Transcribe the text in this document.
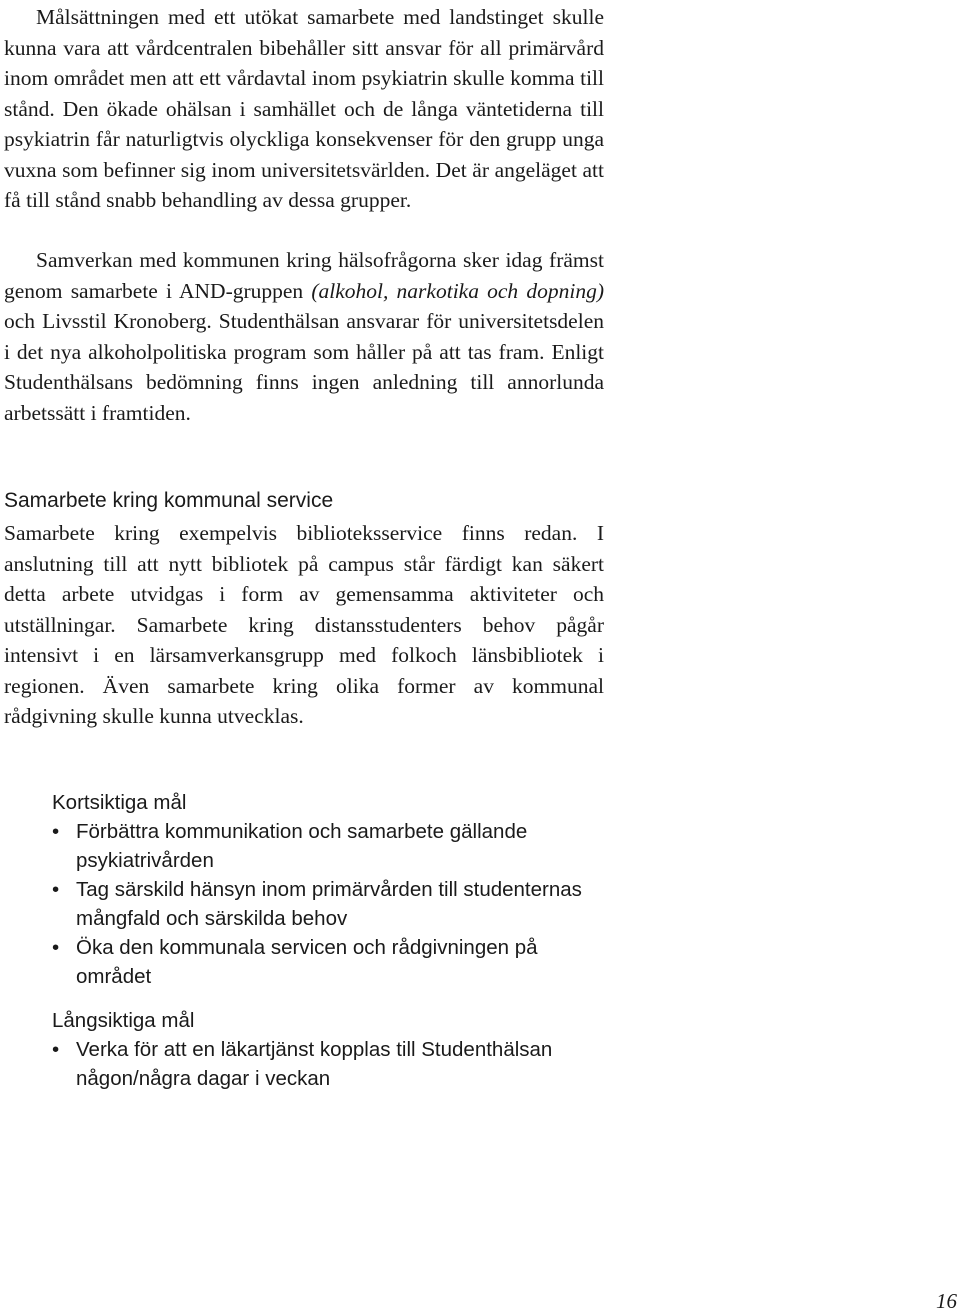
Målsättningen med ett utökat samarbete med landstinget skulle kunna vara att vårdcentralen bibehåller sitt ansvar för all primärvård inom området men att ett vårdavtal inom psykiatrin skulle komma till stånd. Den ökade ohälsan i samhället och de långa väntetiderna till psykiatrin får naturligtvis olyckliga konsekvenser för den grupp unga vuxna som befinner sig inom universitetsvärlden. Det är angeläget att få till stånd snabb behandling av dessa grupper.

Samverkan med kommunen kring hälsofrågorna sker idag främst genom samarbete i AND-gruppen (alkohol, narkotika och dopning) och Livsstil Kronoberg. Studenthälsan ansvarar för universitetsdelen i det nya alkoholpolitiska program som håller på att tas fram. Enligt Studenthälsans bedömning finns ingen anledning till annorlunda arbetssätt i framtiden.

Samarbete kring kommunal service

Samarbete kring exempelvis biblioteksservice finns redan. I anslutning till att nytt bibliotek på campus står färdigt kan säkert detta arbete utvidgas i form av gemensamma aktiviteter och utställningar. Samarbete kring distansstudenters behov pågår intensivt i en lärsamverkansgrupp med folkoch länsbibliotek i regionen. Även samarbete kring olika former av kommunal rådgivning skulle kunna utvecklas.

Kortsiktiga mål
• Förbättra kommunikation och samarbete gällande psykiatrivården
• Tag särskild hänsyn inom primärvården till studenternas mångfald och särskilda behov
• Öka den kommunala servicen och rådgivningen på området
Långsiktiga mål
• Verka för att en läkartjänst kopplas till Studenthälsan någon/några dagar i veckan
16
